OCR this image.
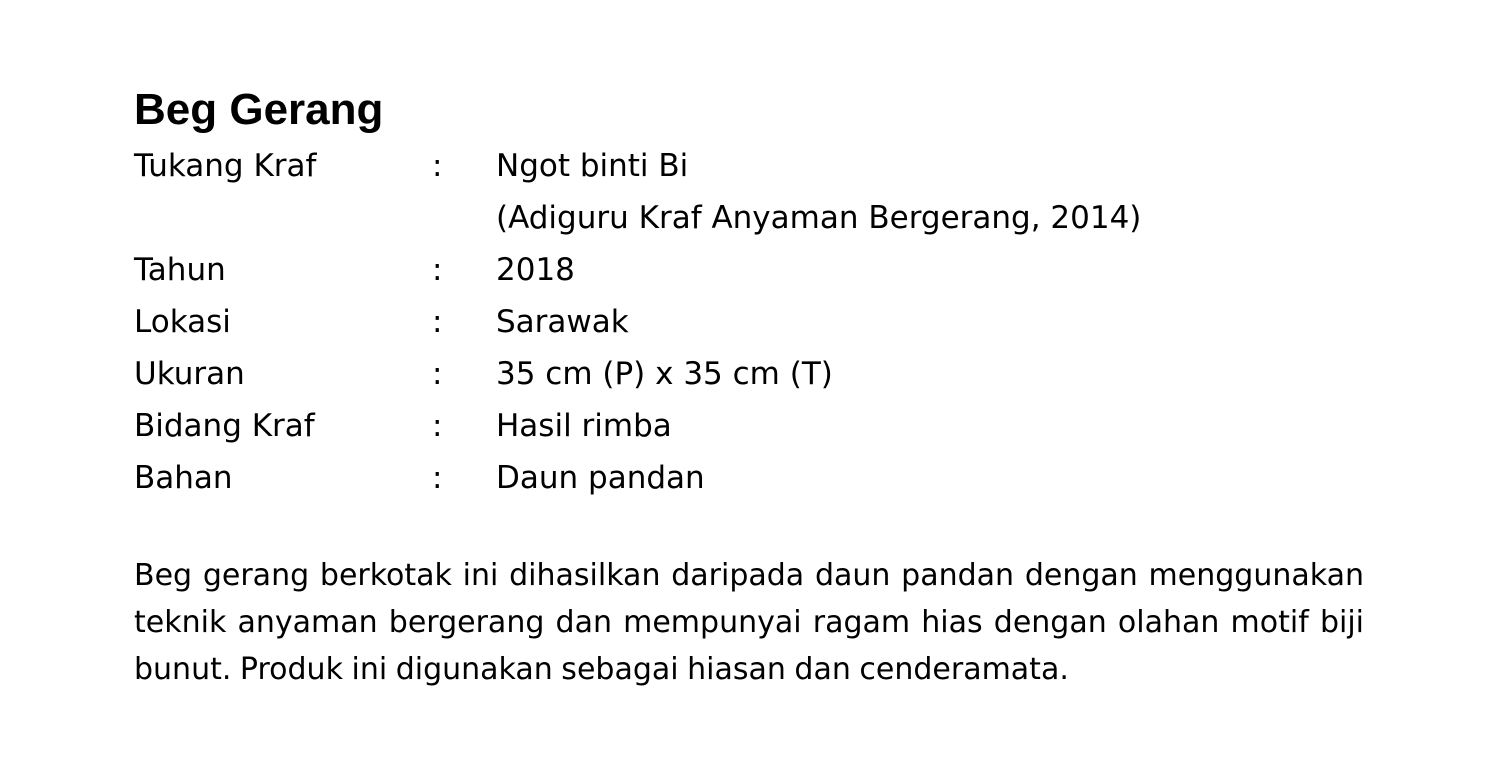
Beg Gerang
Tukang Kraf	: Ngot binti Bi
(Adiguru Kraf Anyaman Bergerang, 2014)
Tahun	: 2018
Lokasi	: Sarawak
Ukuran	: 35 cm (P) x 35 cm (T)
Bidang Kraf	: Hasil rimba
Bahan	: Daun pandan

Beg gerang berkotak ini dihasilkan daripada daun pandan dengan menggunakan teknik anyaman bergerang dan mempunyai ragam hias dengan olahan motif biji bunut. Produk ini digunakan sebagai hiasan dan cenderamata.
